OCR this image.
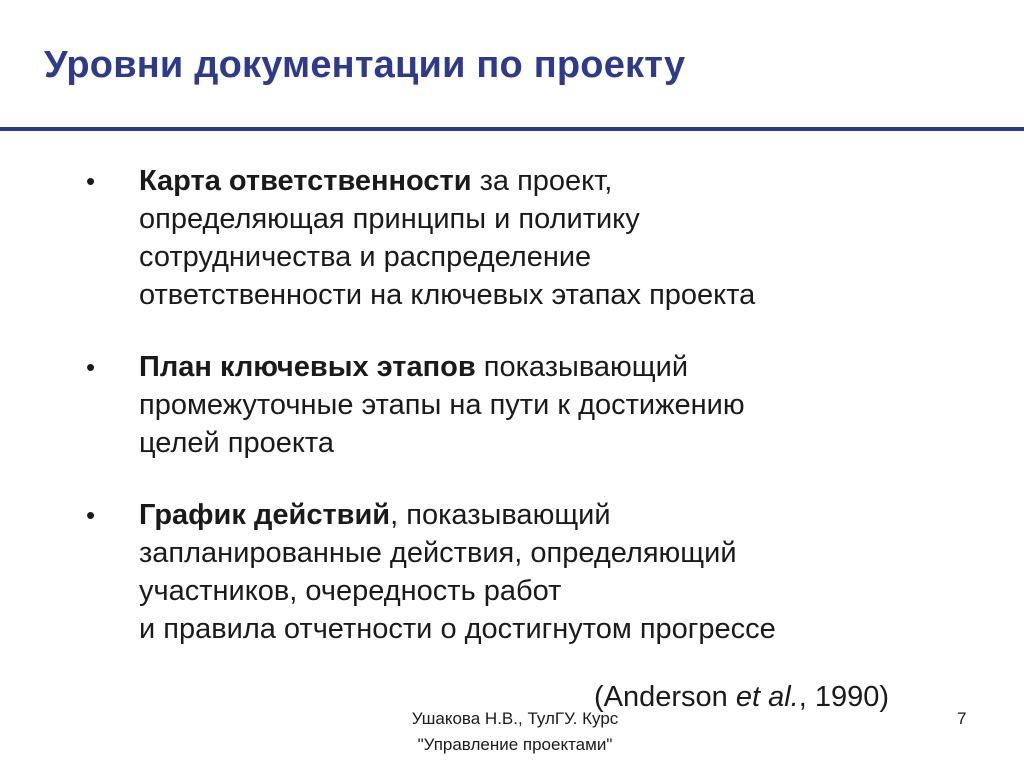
Уровни документации по проекту
• Карта ответственности за проект,
определяющая принципы и политику
сотрудничества и распределение
ответственности на ключевых этапах проекта
• План ключевых этапов показывающий
промежуточные этапы на пути к достижению
целей проекта
• График действий, показывающий
запланированные действия, определяющий
участников, очередность работ
и правила отчетности о достигнутом прогрессе
(Anderson et al., 1990)
Ушакова Н.В., ТулГУ. Курс
"Управление проектами"
7
